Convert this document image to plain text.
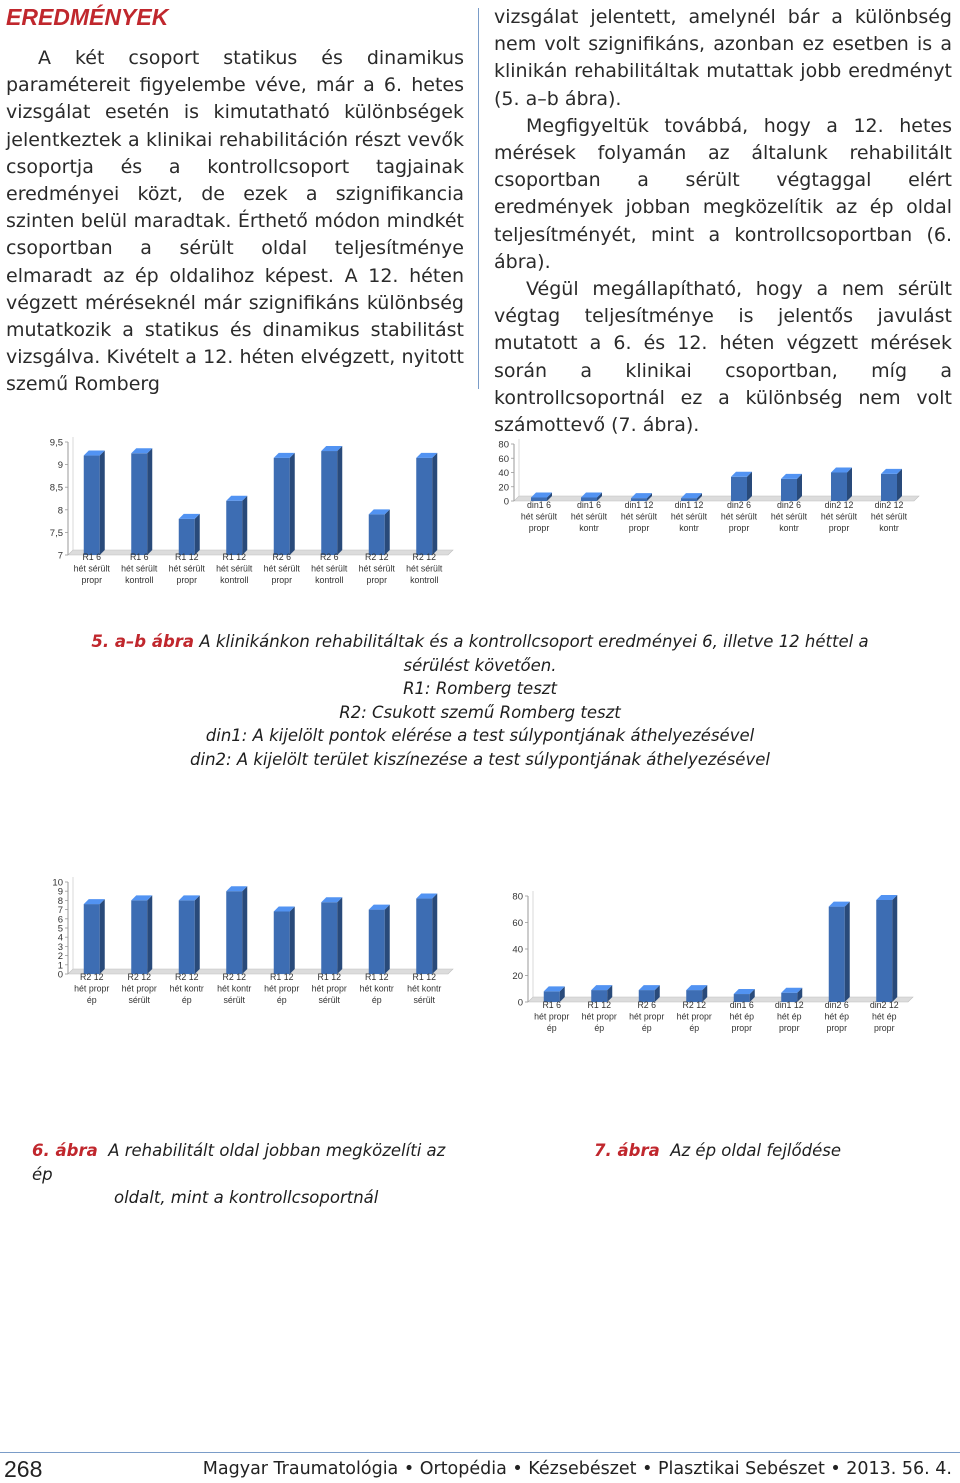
EREDMÉNYEK

A két csoport statikus és dinamikus paramétereit figyelembe véve, már a 6. hetes vizsgálat esetén is kimutatható különbségek jelentkeztek a klinikai rehabilitáción részt vevők csoportja és a kontrollcsoport tagjainak eredményei közt, de ezek a szignifikancia szinten belül maradtak. Érthető módon mindkét csoportban a sérült oldal teljesítménye elmaradt az ép oldalihoz képest. A 12. héten végzett méréseknél már szignifikáns különbség mutatkozik a statikus és dinamikus stabilitást vizsgálva. Kivételt a 12. héten elvégzett, nyitott szemű Romberg

vizsgálat jelentett, amelynél bár a különbség nem volt szignifikáns, azonban ez esetben is a klinikán rehabilitáltak mutattak jobb eredményt (5. a–b ábra).

Megfigyeltük továbbá, hogy a 12. hetes mérések folyamán az általunk rehabilitált csoportban a sérült végtaggal elért eredmények jobban megközelítik az ép oldal teljesítményét, mint a kontrollcsoportban (6. ábra).

Végül megállapítható, hogy a nem sérült végtag teljesítménye is jelentős javulást mutatott a 6. és 12. héten végzett mérések során a klinikai csoportban, míg a kontrollcsoportnál ez a különbség nem volt számottevő (7. ábra).

9,5
9
8,5
8
7,5
7	R1 6 hét sérült propr
R1 6 hét sérült kontroll
R1 12 hét sérült propr
R1 12 hét sérült kontroll
R2 6 hét sérült propr
R2 6 hét sérült kontroll
R2 12 hét sérült propr
R2 12 hét sérült kontroll
80
60
40
20
0	din1 6 hét sérült propr
din1 6 hét sérült kontr
din1 12 hét sérült propr
din1 12 hét sérült kontr
din2 6 hét sérült propr
din2 6 hét sérült kontr
din2 12 hét sérült propr
din2 12 hét sérült kontr
10
9
8
7
6
5
4
3
2
1
0	R2 12 hét propr ép
R2 12 hét propr sérült
R2 12 hét kontr ép
R2 12 hét kontr sérült
R1 12 hét propr ép
R1 12 hét propr sérült
R1 12 hét kontr ép
R1 12 hét kontr sérült
80
60
40
20
0	R1 6 hét propr ép
R1 12 hét propr ép
R2 6 hét propr ép
R2 12 hét propr ép
din1 6 hét ép propr
din1 12 hét ép propr
din2 6 hét ép propr
din2 12 hét ép propr
5. a–b ábra A klinikánkon rehabilitáltak és a kontrollcsoport eredményei 6, illetve 12 héttel a
sérülést követően.
R1: Romberg teszt
R2: Csukott szemű Romberg teszt
din1: A kijelölt pontok elérése a test súlypontjának áthelyezésével
din2: A kijelölt terület kiszínezése a test súlypontjának áthelyezésével
6. ábra A rehabilitált oldal jobban megközelíti az ép
oldalt, mint a kontrollcsoportnál
7. ábra Az ép oldal fejlődése
268	Magyar Traumatológia • Ortopédia • Kézsebészet • Plasztikai Sebészet • 2013. 56. 4.
